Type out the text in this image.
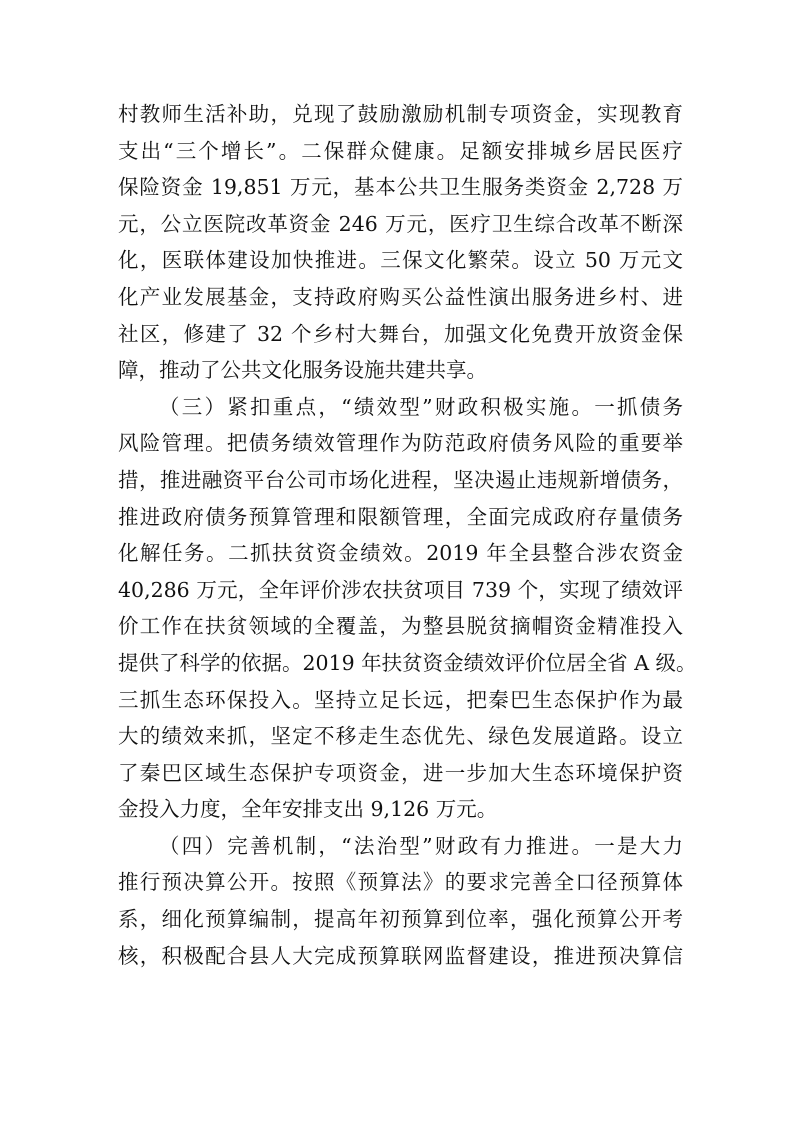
村教师生活补助，兑现了鼓励激励机制专项资金，实现教育
支出“三个增长”。二保群众健康。足额安排城乡居民医疗
保险资金 19,851 万元，基本公共卫生服务类资金 2,728 万
元，公立医院改革资金 246 万元，医疗卫生综合改革不断深
化，医联体建设加快推进。三保文化繁荣。设立 50 万元文
化产业发展基金，支持政府购买公益性演出服务进乡村、进
社区，修建了 32 个乡村大舞台，加强文化免费开放资金保
障，推动了公共文化服务设施共建共享。
（三）紧扣重点，“绩效型”财政积极实施。一抓债务
风险管理。把债务绩效管理作为防范政府债务风险的重要举
措，推进融资平台公司市场化进程，坚决遏止违规新增债务，
推进政府债务预算管理和限额管理，全面完成政府存量债务
化解任务。二抓扶贫资金绩效。2019 年全县整合涉农资金
40,286 万元，全年评价涉农扶贫项目 739 个，实现了绩效评
价工作在扶贫领域的全覆盖，为整县脱贫摘帽资金精准投入
提供了科学的依据。2019 年扶贫资金绩效评价位居全省 A 级。
三抓生态环保投入。坚持立足长远，把秦巴生态保护作为最
大的绩效来抓，坚定不移走生态优先、绿色发展道路。设立
了秦巴区域生态保护专项资金，进一步加大生态环境保护资
金投入力度，全年安排支出 9,126 万元。
（四）完善机制，“法治型”财政有力推进。一是大力
推行预决算公开。按照《预算法》的要求完善全口径预算体
系，细化预算编制，提高年初预算到位率，强化预算公开考
核，积极配合县人大完成预算联网监督建设，推进预决算信
